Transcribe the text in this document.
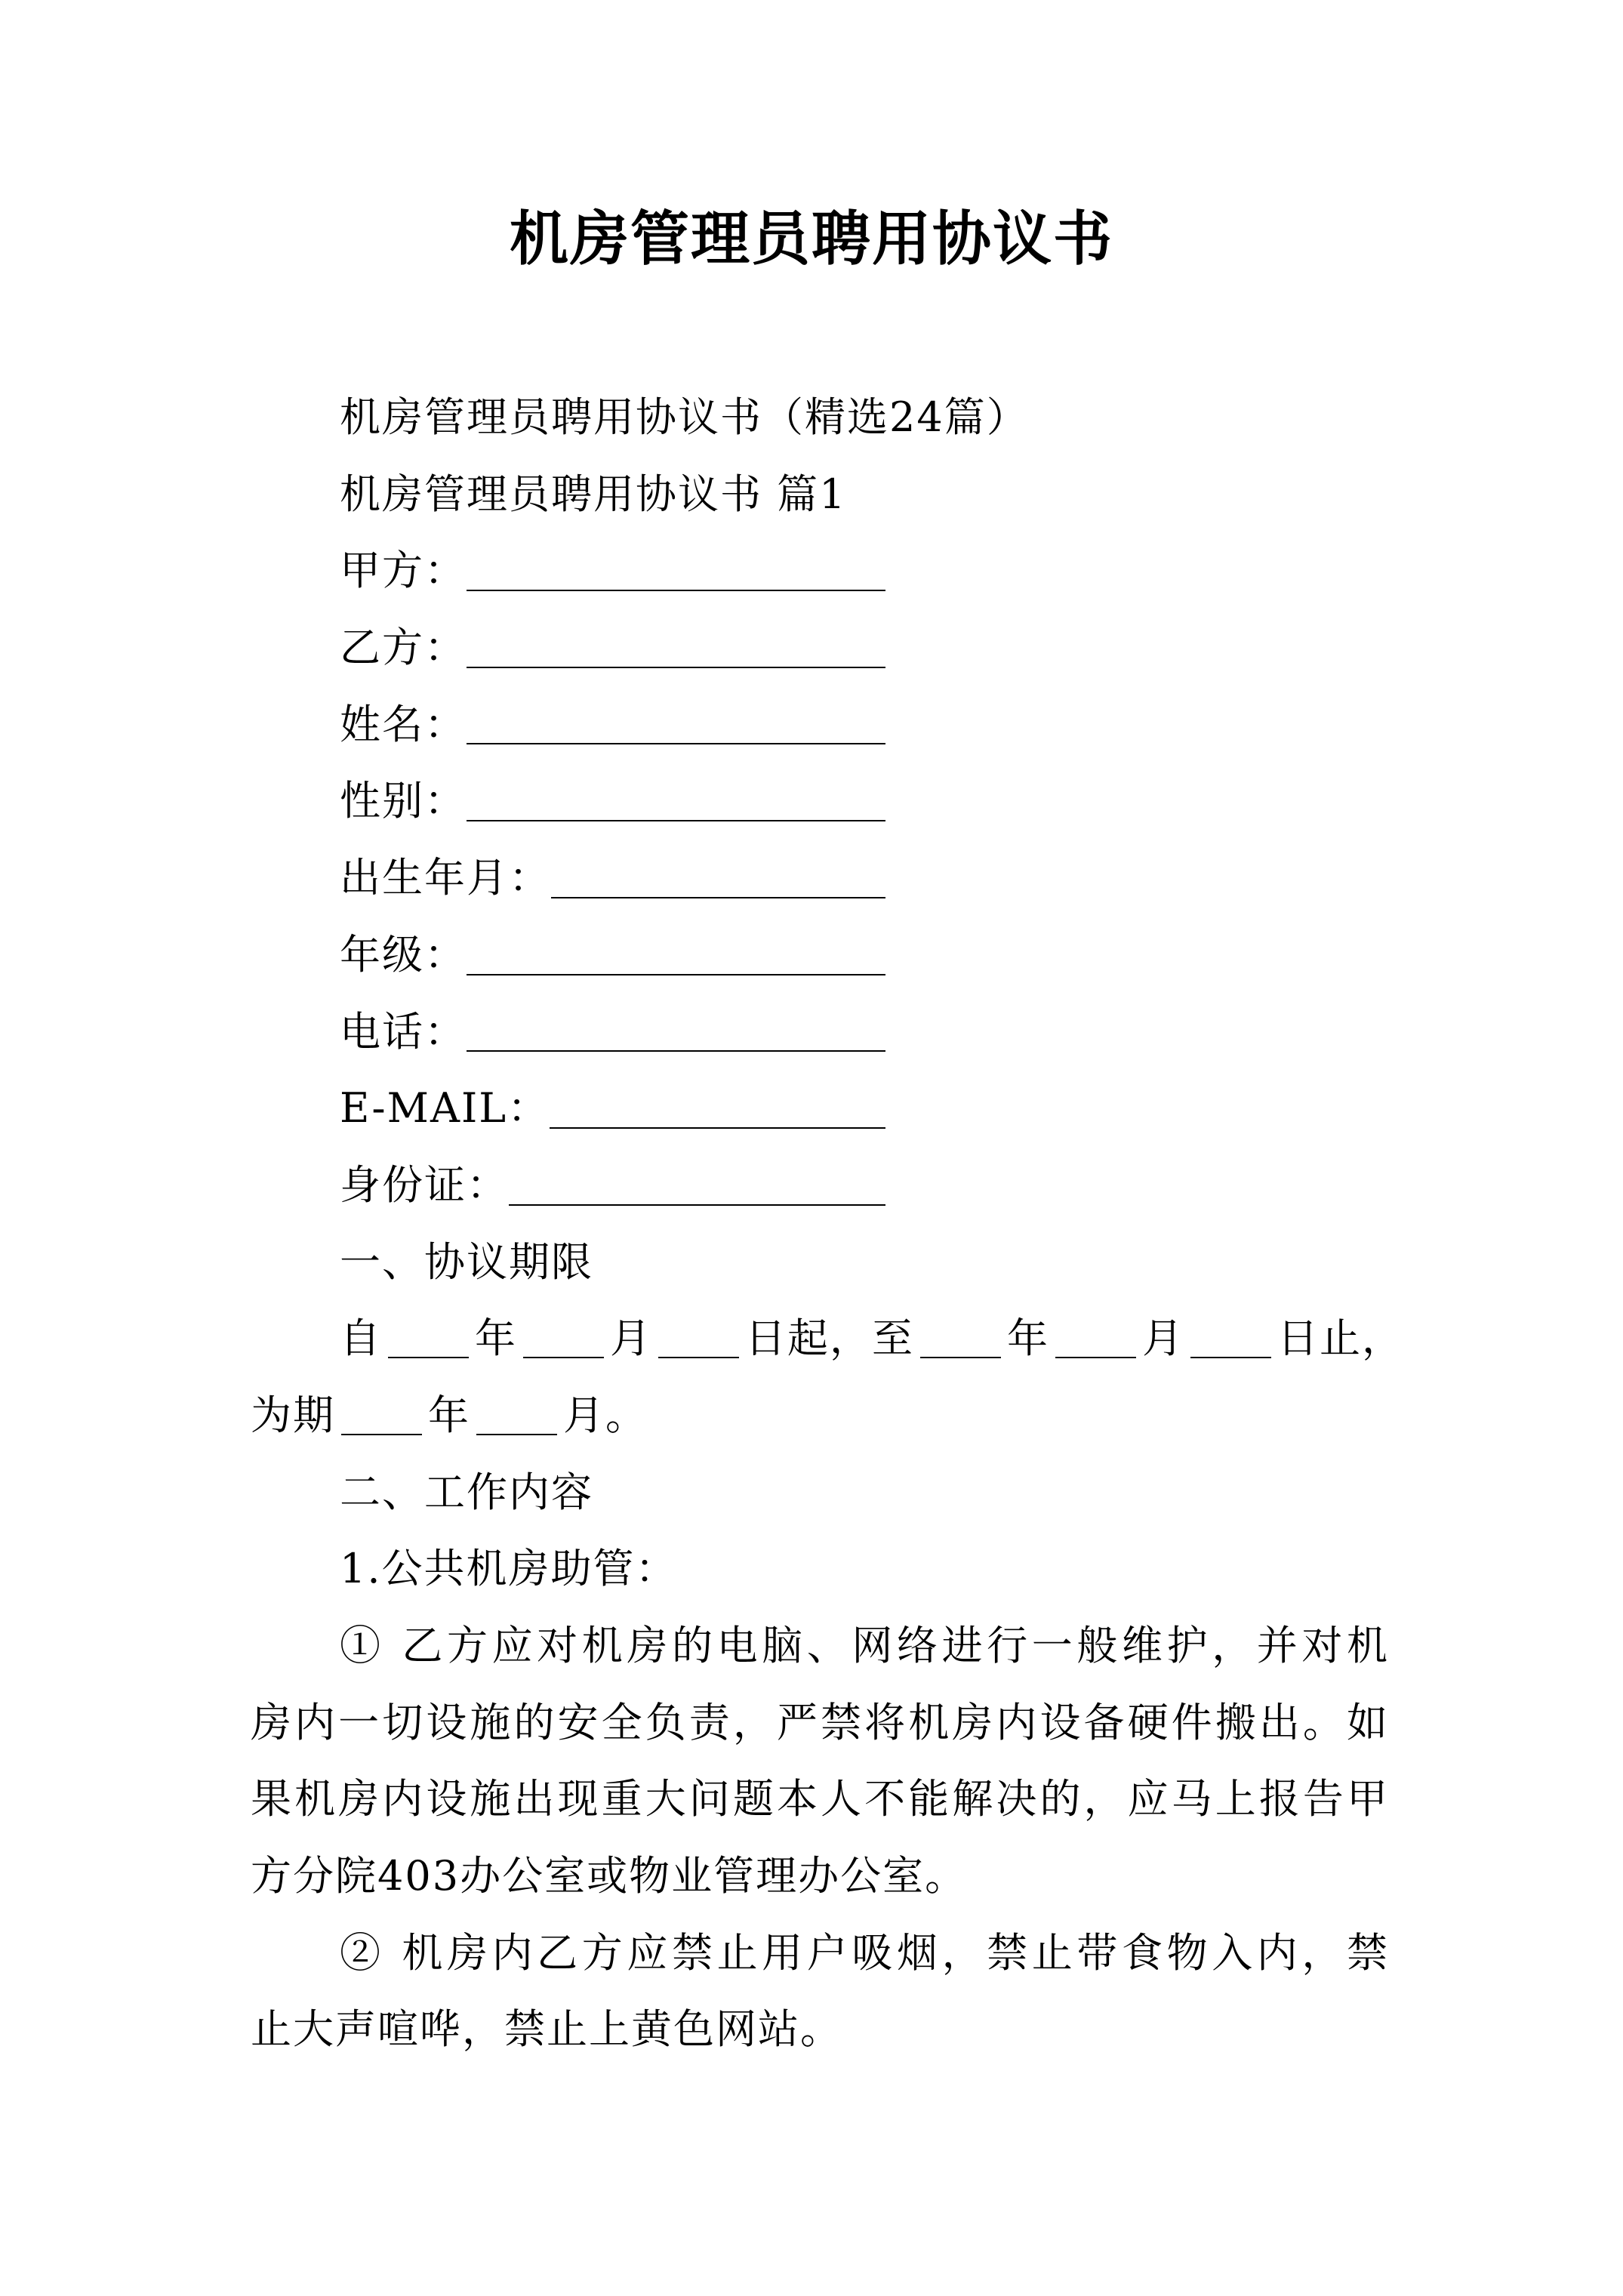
机房管理员聘用协议书
机房管理员聘用协议书（精选24篇）
机房管理员聘用协议书 篇1
甲方：
乙方：
姓名：
性别：
出生年月：
年级：
电话：
E-MAIL：
身份证：
一、协议期限
自 年 月 日起，至 年 月 日止，
为期 年 月。
二、工作内容
1.公共机房助管：
① 乙方应对机房的电脑、网络进行一般维护，并对机
房内一切设施的安全负责，严禁将机房内设备硬件搬出。如
果机房内设施出现重大问题本人不能解决的，应马上报告甲
方分院403办公室或物业管理办公室。
② 机房内乙方应禁止用户吸烟，禁止带食物入内，禁
止大声喧哗，禁止上黄色网站。
